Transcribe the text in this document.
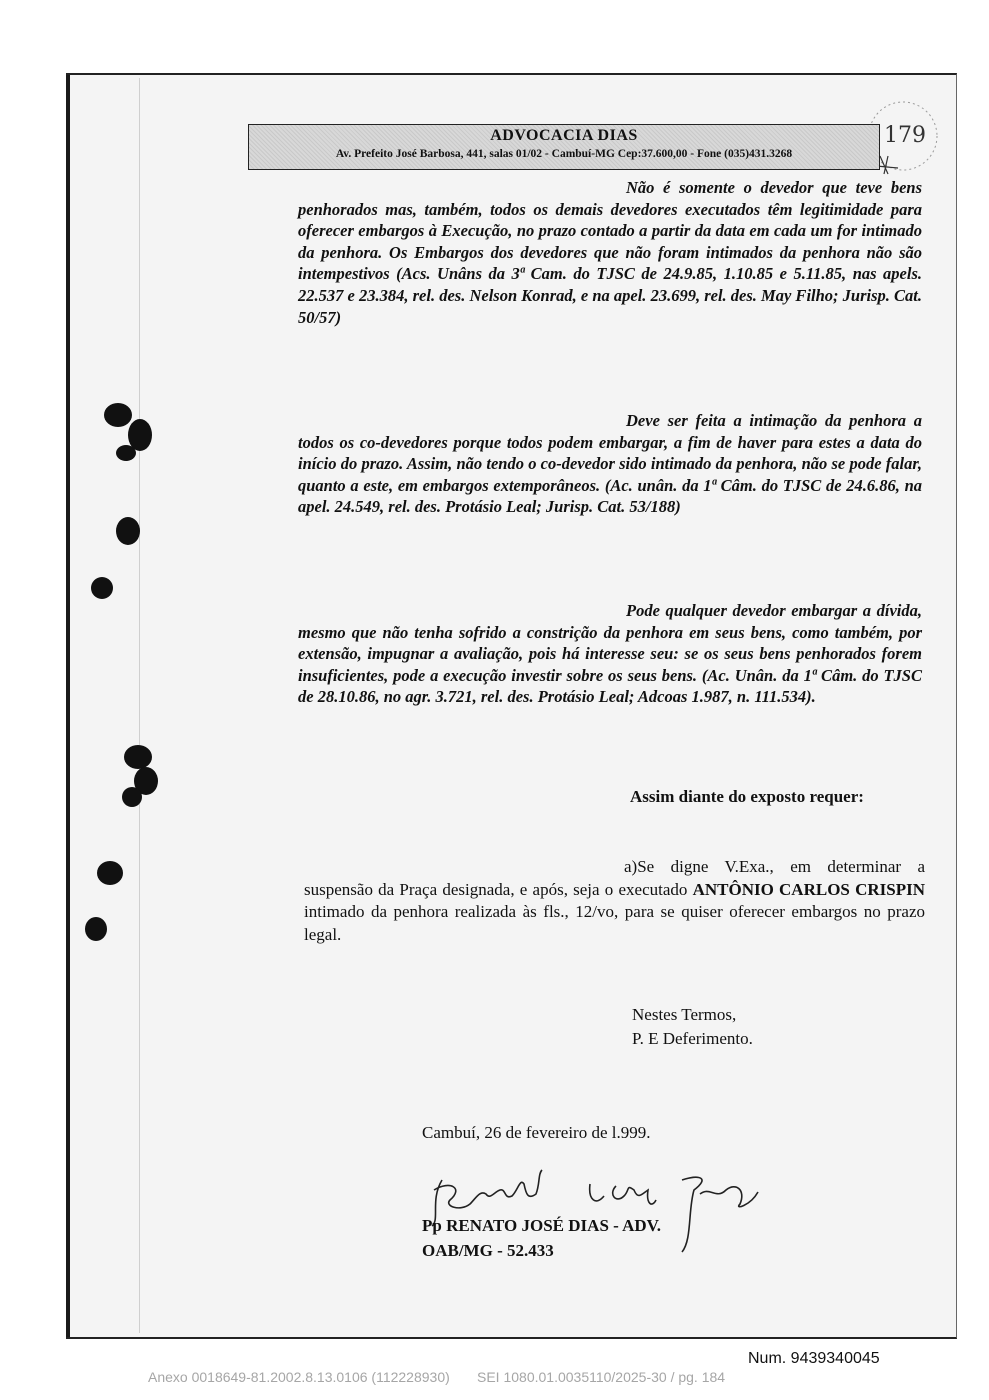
179
ADVOCACIA DIAS
Av. Prefeito José Barbosa, 441, salas 01/02 - Cambuí-MG Cep:37.600,00 - Fone (035)431.3268
Não é somente o devedor que teve bens penhorados mas, também, todos os demais devedores executados têm legitimidade para oferecer embargos à Execução, no prazo contado a partir da data em cada um for intimado da penhora. Os Embargos dos devedores que não foram intimados da penhora não são intempestivos (Acs. Unâns da 3ª Cam. do TJSC de 24.9.85, 1.10.85 e 5.11.85, nas apels. 22.537 e 23.384, rel. des. Nelson Konrad, e na apel. 23.699, rel. des. May Filho; Jurisp. Cat. 50/57)
Deve ser feita a intimação da penhora a todos os co-devedores porque todos podem embargar, a fim de haver para estes a data do início do prazo. Assim, não tendo o co-devedor sido intimado da penhora, não se pode falar, quanto a este, em embargos extemporâneos. (Ac. unân. da 1ª Câm. do TJSC de 24.6.86, na apel. 24.549, rel. des. Protásio Leal; Jurisp. Cat. 53/188)
Pode qualquer devedor embargar a dívida, mesmo que não tenha sofrido a constrição da penhora em seus bens, como também, por extensão, impugnar a avaliação, pois há interesse seu: se os seus bens penhorados forem insuficientes, pode a execução investir sobre os seus bens. (Ac. Unân. da 1ª Câm. do TJSC de 28.10.86, no agr. 3.721, rel. des. Protásio Leal; Adcoas 1.987, n. 111.534).
Assim diante do exposto requer:
a)Se digne V.Exa., em determinar a suspensão da Praça designada, e após, seja o executado ANTÔNIO CARLOS CRISPIN intimado da penhora realizada às fls., 12/vo, para se quiser oferecer embargos no prazo legal.
Nestes Termos,
P. E Deferimento.
Cambuí, 26 de fevereiro de l.999.
Pp RENATO JOSÉ DIAS - ADV.
OAB/MG - 52.433
Num. 9439340045
Anexo 0018649-81.2002.8.13.0106 (112228930)       SEI 1080.01.0035110/2025-30 / pg. 184
